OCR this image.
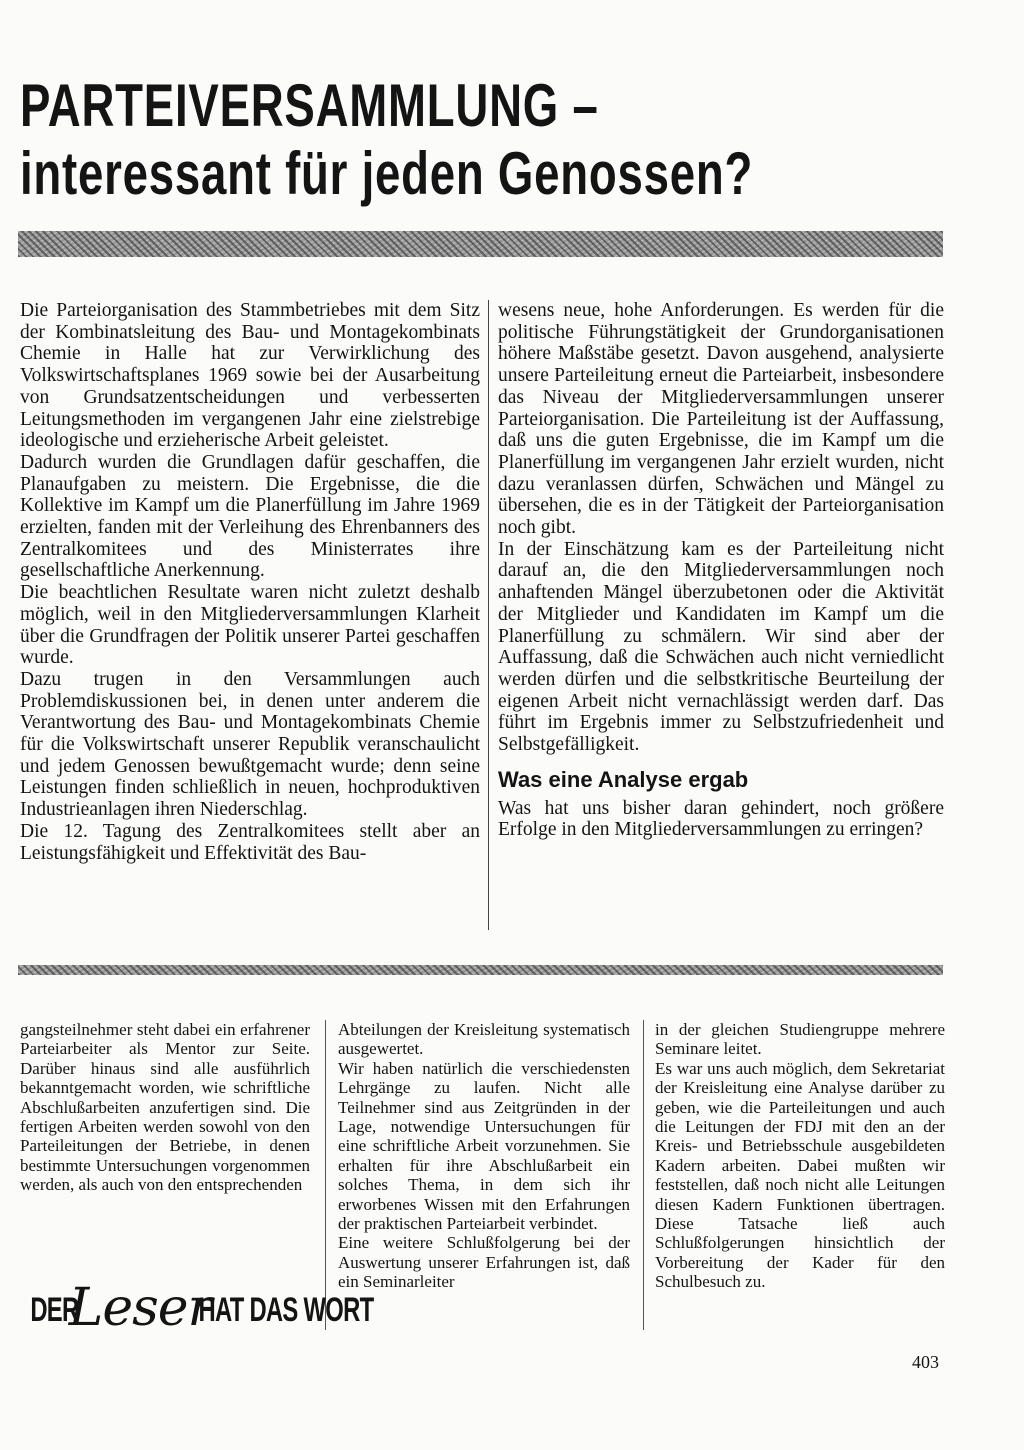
PARTEIVERSAMMLUNG –
interessant für jeden Genossen?

Die Parteiorganisation des Stammbetriebes mit dem Sitz der Kombinatsleitung des Bau- und Montagekombinats Chemie in Halle hat zur Verwirklichung des Volkswirtschaftsplanes 1969 sowie bei der Ausarbeitung von Grundsatzentscheidungen und verbesserten Leitungsmethoden im vergangenen Jahr eine zielstrebige ideologische und erzieherische Arbeit geleistet.

Dadurch wurden die Grundlagen dafür geschaffen, die Planaufgaben zu meistern. Die Ergebnisse, die die Kollektive im Kampf um die Planerfüllung im Jahre 1969 erzielten, fanden mit der Verleihung des Ehrenbanners des Zentralkomitees und des Ministerrates ihre gesellschaftliche Anerkennung.

Die beachtlichen Resultate waren nicht zuletzt deshalb möglich, weil in den Mitgliederversammlungen Klarheit über die Grundfragen der Politik unserer Partei geschaffen wurde.

Dazu trugen in den Versammlungen auch Problemdiskussionen bei, in denen unter anderem die Verantwortung des Bau- und Montagekombinats Chemie für die Volkswirtschaft unserer Republik veranschaulicht und jedem Genossen bewußtgemacht wurde; denn seine Leistungen finden schließlich in neuen, hochproduktiven Industrieanlagen ihren Niederschlag.

Die 12. Tagung des Zentralkomitees stellt aber an Leistungsfähigkeit und Effektivität des Bau-

wesens neue, hohe Anforderungen. Es werden für die politische Führungstätigkeit der Grundorganisationen höhere Maßstäbe gesetzt. Davon ausgehend, analysierte unsere Parteileitung erneut die Parteiarbeit, insbesondere das Niveau der Mitgliederversammlungen unserer Parteiorganisation. Die Parteileitung ist der Auffassung, daß uns die guten Ergebnisse, die im Kampf um die Planerfüllung im vergangenen Jahr erzielt wurden, nicht dazu veranlassen dürfen, Schwächen und Mängel zu übersehen, die es in der Tätigkeit der Parteiorganisation noch gibt.

In der Einschätzung kam es der Parteileitung nicht darauf an, die den Mitgliederversammlungen noch anhaftenden Mängel überzubetonen oder die Aktivität der Mitglieder und Kandidaten im Kampf um die Planerfüllung zu schmälern. Wir sind aber der Auffassung, daß die Schwächen auch nicht verniedlicht werden dürfen und die selbstkritische Beurteilung der eigenen Arbeit nicht vernachlässigt werden darf. Das führt im Ergebnis immer zu Selbstzufriedenheit und Selbstgefälligkeit.

Was eine Analyse ergab

Was hat uns bisher daran gehindert, noch größere Erfolge in den Mitgliederversammlungen zu erringen?

gangsteilnehmer steht dabei ein erfahrener Parteiarbeiter als Mentor zur Seite. Darüber hinaus sind alle ausführlich bekanntgemacht worden, wie schriftliche Abschlußarbeiten anzufertigen sind. Die fertigen Arbeiten werden sowohl von den Parteileitungen der Betriebe, in denen bestimmte Untersuchungen vorgenommen werden, als auch von den entsprechenden

Abteilungen der Kreisleitung systematisch ausgewertet.

Wir haben natürlich die verschiedensten Lehrgänge zu laufen. Nicht alle Teilnehmer sind aus Zeitgründen in der Lage, notwendige Untersuchungen für eine schriftliche Arbeit vorzunehmen. Sie erhalten für ihre Abschlußarbeit ein solches Thema, in dem sich ihr erworbenes Wissen mit den Erfahrungen der praktischen Parteiarbeit verbindet.

Eine weitere Schlußfolgerung bei der Auswertung unserer Erfahrungen ist, daß ein Seminarleiter

in der gleichen Studiengruppe mehrere Seminare leitet.

Es war uns auch möglich, dem Sekretariat der Kreisleitung eine Analyse darüber zu geben, wie die Parteileitungen und auch die Leitungen der FDJ mit den an der Kreis- und Betriebsschule ausgebildeten Kadern arbeiten. Dabei mußten wir feststellen, daß noch nicht alle Leitungen diesen Kadern Funktionen übertragen. Diese Tatsache ließ auch Schlußfolgerungen hinsichtlich der Vorbereitung der Kader für den Schulbesuch zu.

DER
Leser
HAT DAS WORT
403
